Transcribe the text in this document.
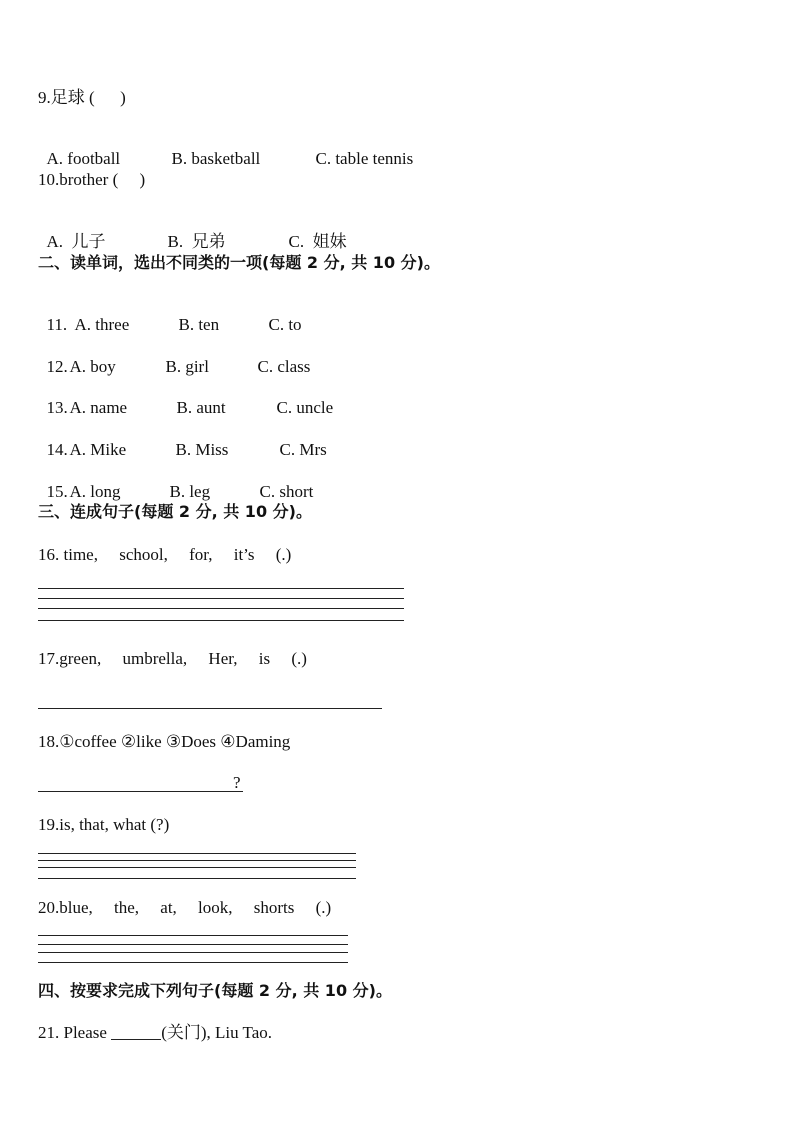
9.足球 (      )

A. football	B. basketball	C. table tennis

10.brother (     )

A.  儿子	B.  兄弟	C.  姐妹

二、读单词，选出不同类的一项(每题 2 分, 共 10 分)。

11. A. three	B. ten	C. to

12. A. boy	B. girl	C. class

13. A. name	B. aunt	C. uncle

14. A. Mike	B. Miss	C. Mrs

15. A. long	B. leg	C. short

三、连成句子(每题 2 分, 共 10 分)。
16. time,     school,     for,     it’s     (.)
17.green,     umbrella,     Her,     is     (.)
18.①coffee ②like ③Does ④Daming
?
19.is, that, what (?)
20.blue,     the,     at,     look,     shorts     (.)
四、按要求完成下列句子(每题 2 分, 共 10 分)。
21. Please	(关门), Liu Tao.
